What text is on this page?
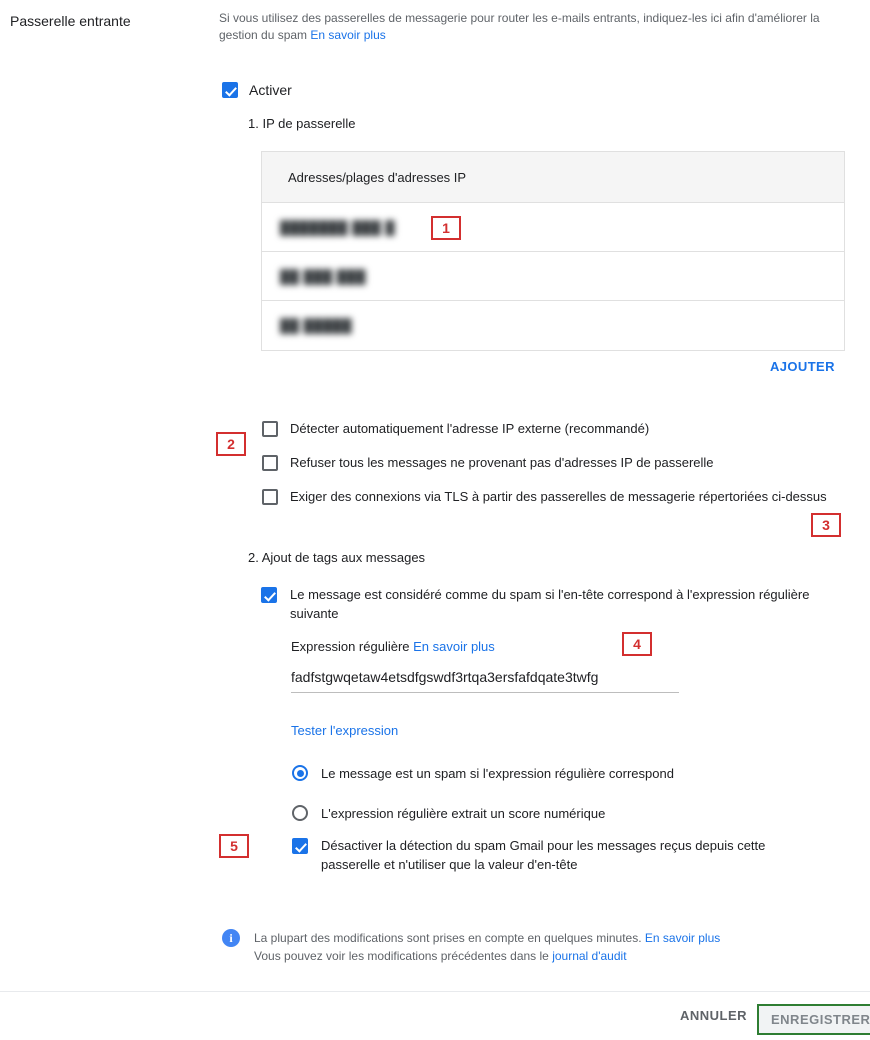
Passerelle entrante	Si vous utilisez des passerelles de messagerie pour router les e-mails entrants, indiquez-les ici afin d'améliorer la gestion du spam En savoir plus
Activer
1. IP de passerelle
Adresses/plages d'adresses IP
███████ ███ █
██ ███ ███
██ █████
AJOUTER
Détecter automatiquement l'adresse IP externe (recommandé)
Refuser tous les messages ne provenant pas d'adresses IP de passerelle
Exiger des connexions via TLS à partir des passerelles de messagerie répertoriées ci-dessus
2. Ajout de tags aux messages
Le message est considéré comme du spam si l'en-tête correspond à l'expression régulière suivante
Expression régulière En savoir plus
fadfstgwqetaw4etsdfgswdf3rtqa3ersfafdqate3twfg
Tester l'expression
Le message est un spam si l'expression régulière correspond
L'expression régulière extrait un score numérique
Désactiver la détection du spam Gmail pour les messages reçus depuis cette passerelle et n'utiliser que la valeur d'en-tête
i	La plupart des modifications sont prises en compte en quelques minutes. En savoir plus
Vous pouvez voir les modifications précédentes dans le journal d'audit
ANNULER	ENREGISTRER
1
2
3
4
5
